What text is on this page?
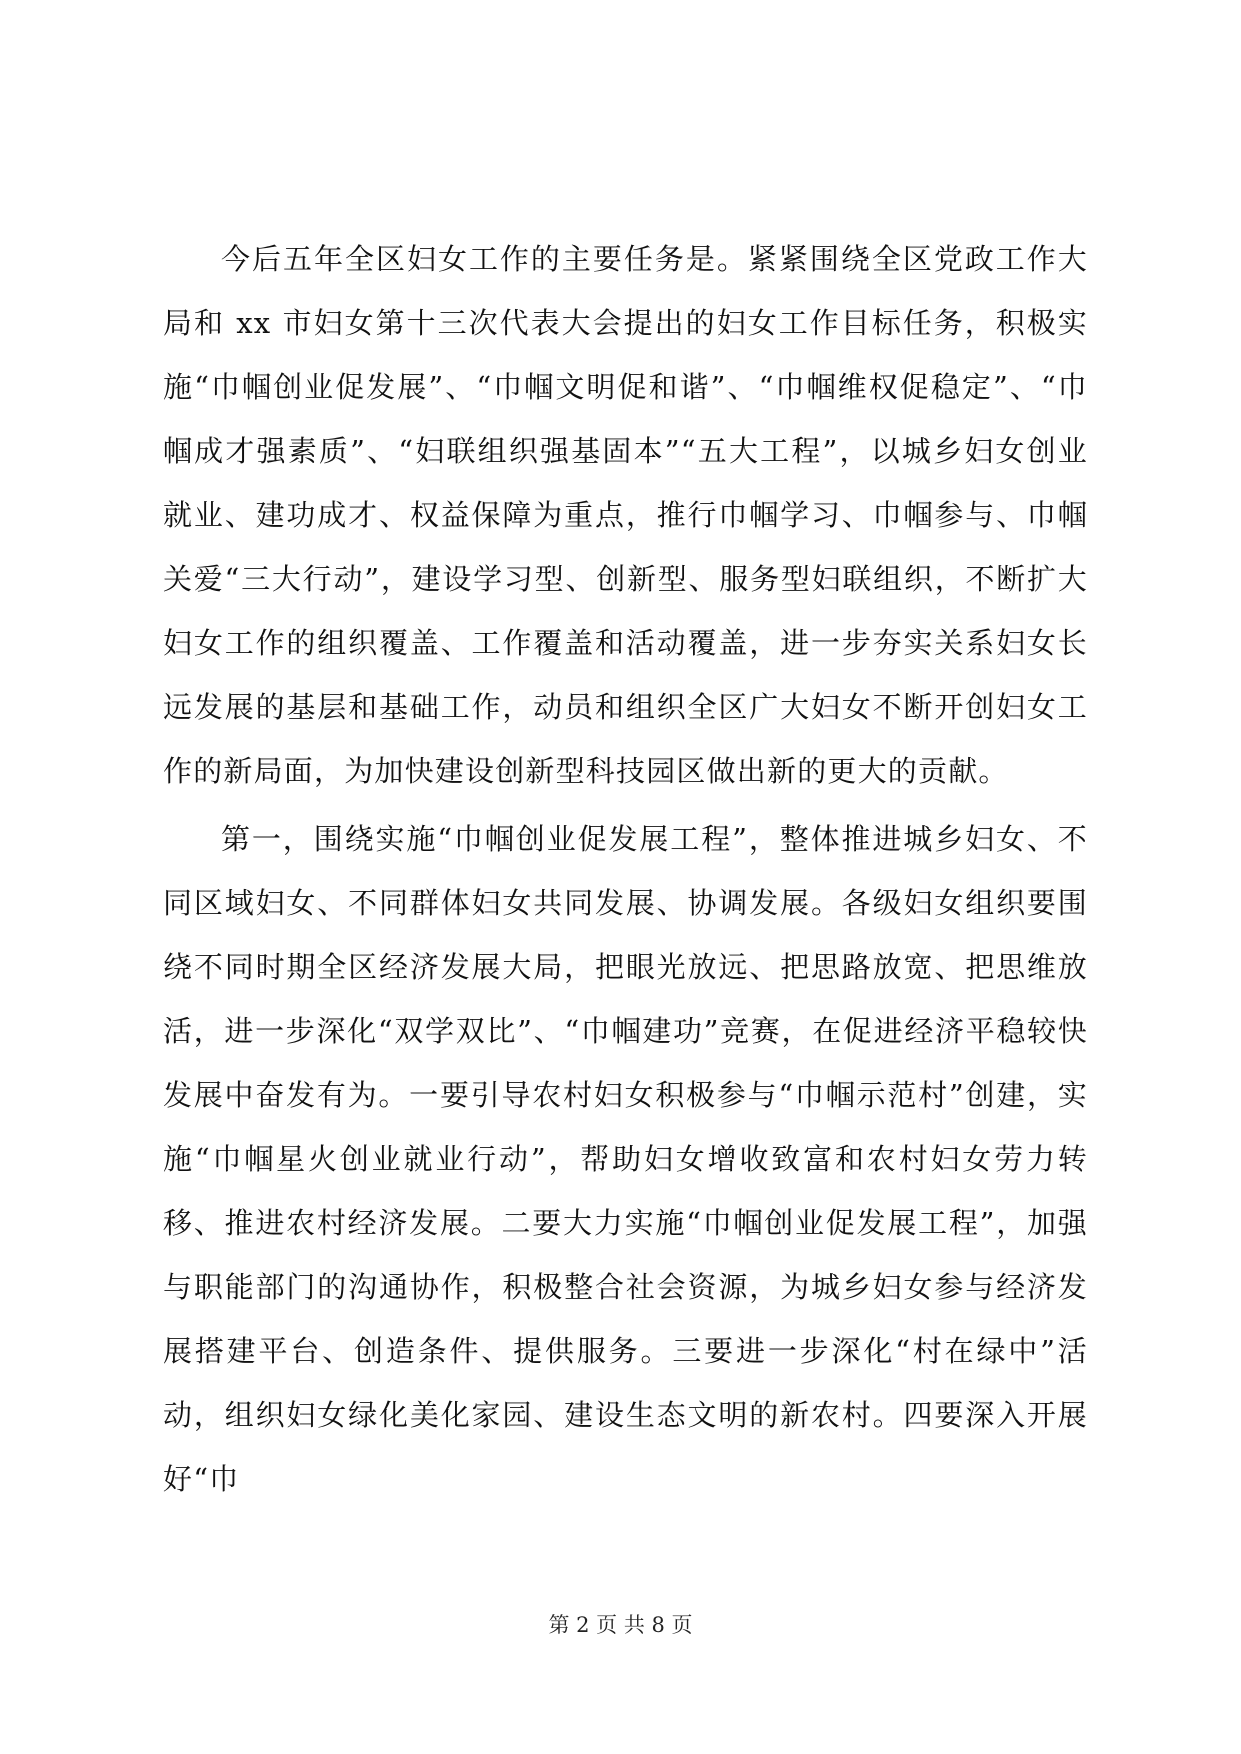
今后五年全区妇女工作的主要任务是。紧紧围绕全区党政工作大局和 xx 市妇女第十三次代表大会提出的妇女工作目标任务，积极实施“巾帼创业促发展”、“巾帼文明促和谐”、“巾帼维权促稳定”、“巾帼成才强素质”、“妇联组织强基固本”“五大工程”，以城乡妇女创业就业、建功成才、权益保障为重点，推行巾帼学习、巾帼参与、巾帼关爱“三大行动”，建设学习型、创新型、服务型妇联组织，不断扩大妇女工作的组织覆盖、工作覆盖和活动覆盖，进一步夯实关系妇女长远发展的基层和基础工作，动员和组织全区广大妇女不断开创妇女工作的新局面，为加快建设创新型科技园区做出新的更大的贡献。

第一，围绕实施“巾帼创业促发展工程”，整体推进城乡妇女、不同区域妇女、不同群体妇女共同发展、协调发展。各级妇女组织要围绕不同时期全区经济发展大局，把眼光放远、把思路放宽、把思维放活，进一步深化“双学双比”、“巾帼建功”竞赛，在促进经济平稳较快发展中奋发有为。一要引导农村妇女积极参与“巾帼示范村”创建，实施“巾帼星火创业就业行动”，帮助妇女增收致富和农村妇女劳力转移、推进农村经济发展。二要大力实施“巾帼创业促发展工程”，加强与职能部门的沟通协作，积极整合社会资源，为城乡妇女参与经济发展搭建平台、创造条件、提供服务。三要进一步深化“村在绿中”活动，组织妇女绿化美化家园、建设生态文明的新农村。四要深入开展好“巾

第 2 页 共 8 页
